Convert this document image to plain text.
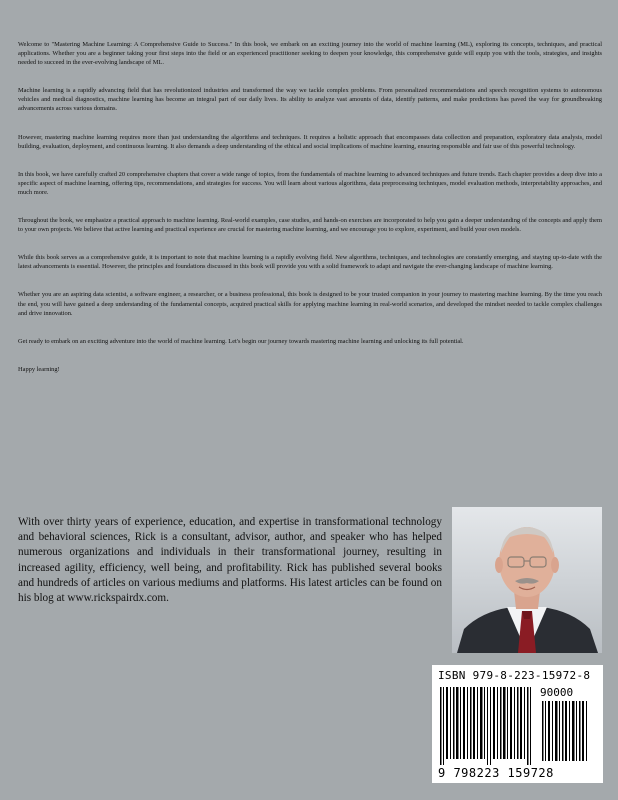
Welcome to "Mastering Machine Learning: A Comprehensive Guide to Success." In this book, we embark on an exciting journey into the world of machine learning (ML), exploring its concepts, techniques, and practical applications. Whether you are a beginner taking your first steps into the field or an experienced practitioner seeking to deepen your knowledge, this comprehensive guide will equip you with the tools, strategies, and insights needed to succeed in the ever-evolving landscape of ML.

Machine learning is a rapidly advancing field that has revolutionized industries and transformed the way we tackle complex problems. From personalized recommendations and speech recognition systems to autonomous vehicles and medical diagnostics, machine learning has become an integral part of our daily lives. Its ability to analyze vast amounts of data, identify patterns, and make predictions has paved the way for groundbreaking advancements across various domains.

However, mastering machine learning requires more than just understanding the algorithms and techniques. It requires a holistic approach that encompasses data collection and preparation, exploratory data analysis, model building, evaluation, deployment, and continuous learning. It also demands a deep understanding of the ethical and social implications of machine learning, ensuring responsible and fair use of this powerful technology.

In this book, we have carefully crafted 20 comprehensive chapters that cover a wide range of topics, from the fundamentals of machine learning to advanced techniques and future trends. Each chapter provides a deep dive into a specific aspect of machine learning, offering tips, recommendations, and strategies for success. You will learn about various algorithms, data preprocessing techniques, model evaluation methods, interpretability approaches, and much more.

Throughout the book, we emphasize a practical approach to machine learning. Real-world examples, case studies, and hands-on exercises are incorporated to help you gain a deeper understanding of the concepts and apply them to your own projects. We believe that active learning and practical experience are crucial for mastering machine learning, and we encourage you to explore, experiment, and build your own models.

While this book serves as a comprehensive guide, it is important to note that machine learning is a rapidly evolving field. New algorithms, techniques, and technologies are constantly emerging, and staying up-to-date with the latest advancements is essential. However, the principles and foundations discussed in this book will provide you with a solid framework to adapt and navigate the ever-changing landscape of machine learning.

Whether you are an aspiring data scientist, a software engineer, a researcher, or a business professional, this book is designed to be your trusted companion in your journey to mastering machine learning. By the time you reach the end, you will have gained a deep understanding of the fundamental concepts, acquired practical skills for applying machine learning in real-world scenarios, and developed the mindset needed to tackle complex challenges and drive innovation.

Get ready to embark on an exciting adventure into the world of machine learning. Let's begin our journey towards mastering machine learning and unlocking its full potential.

Happy learning!

With over thirty years of experience, education, and expertise in transformational technology and behavioral sciences, Rick is a consultant, advisor, author, and speaker who has helped numerous organizations and individuals in their transformational journey, resulting in increased agility, efficiency, well being, and profitability. Rick has published several books and hundreds of articles on various mediums and platforms. His latest articles can be found on his blog at www.rickspairdx.com.

ISBN 979-8-223-15972-8
90000
9 798223 159728
